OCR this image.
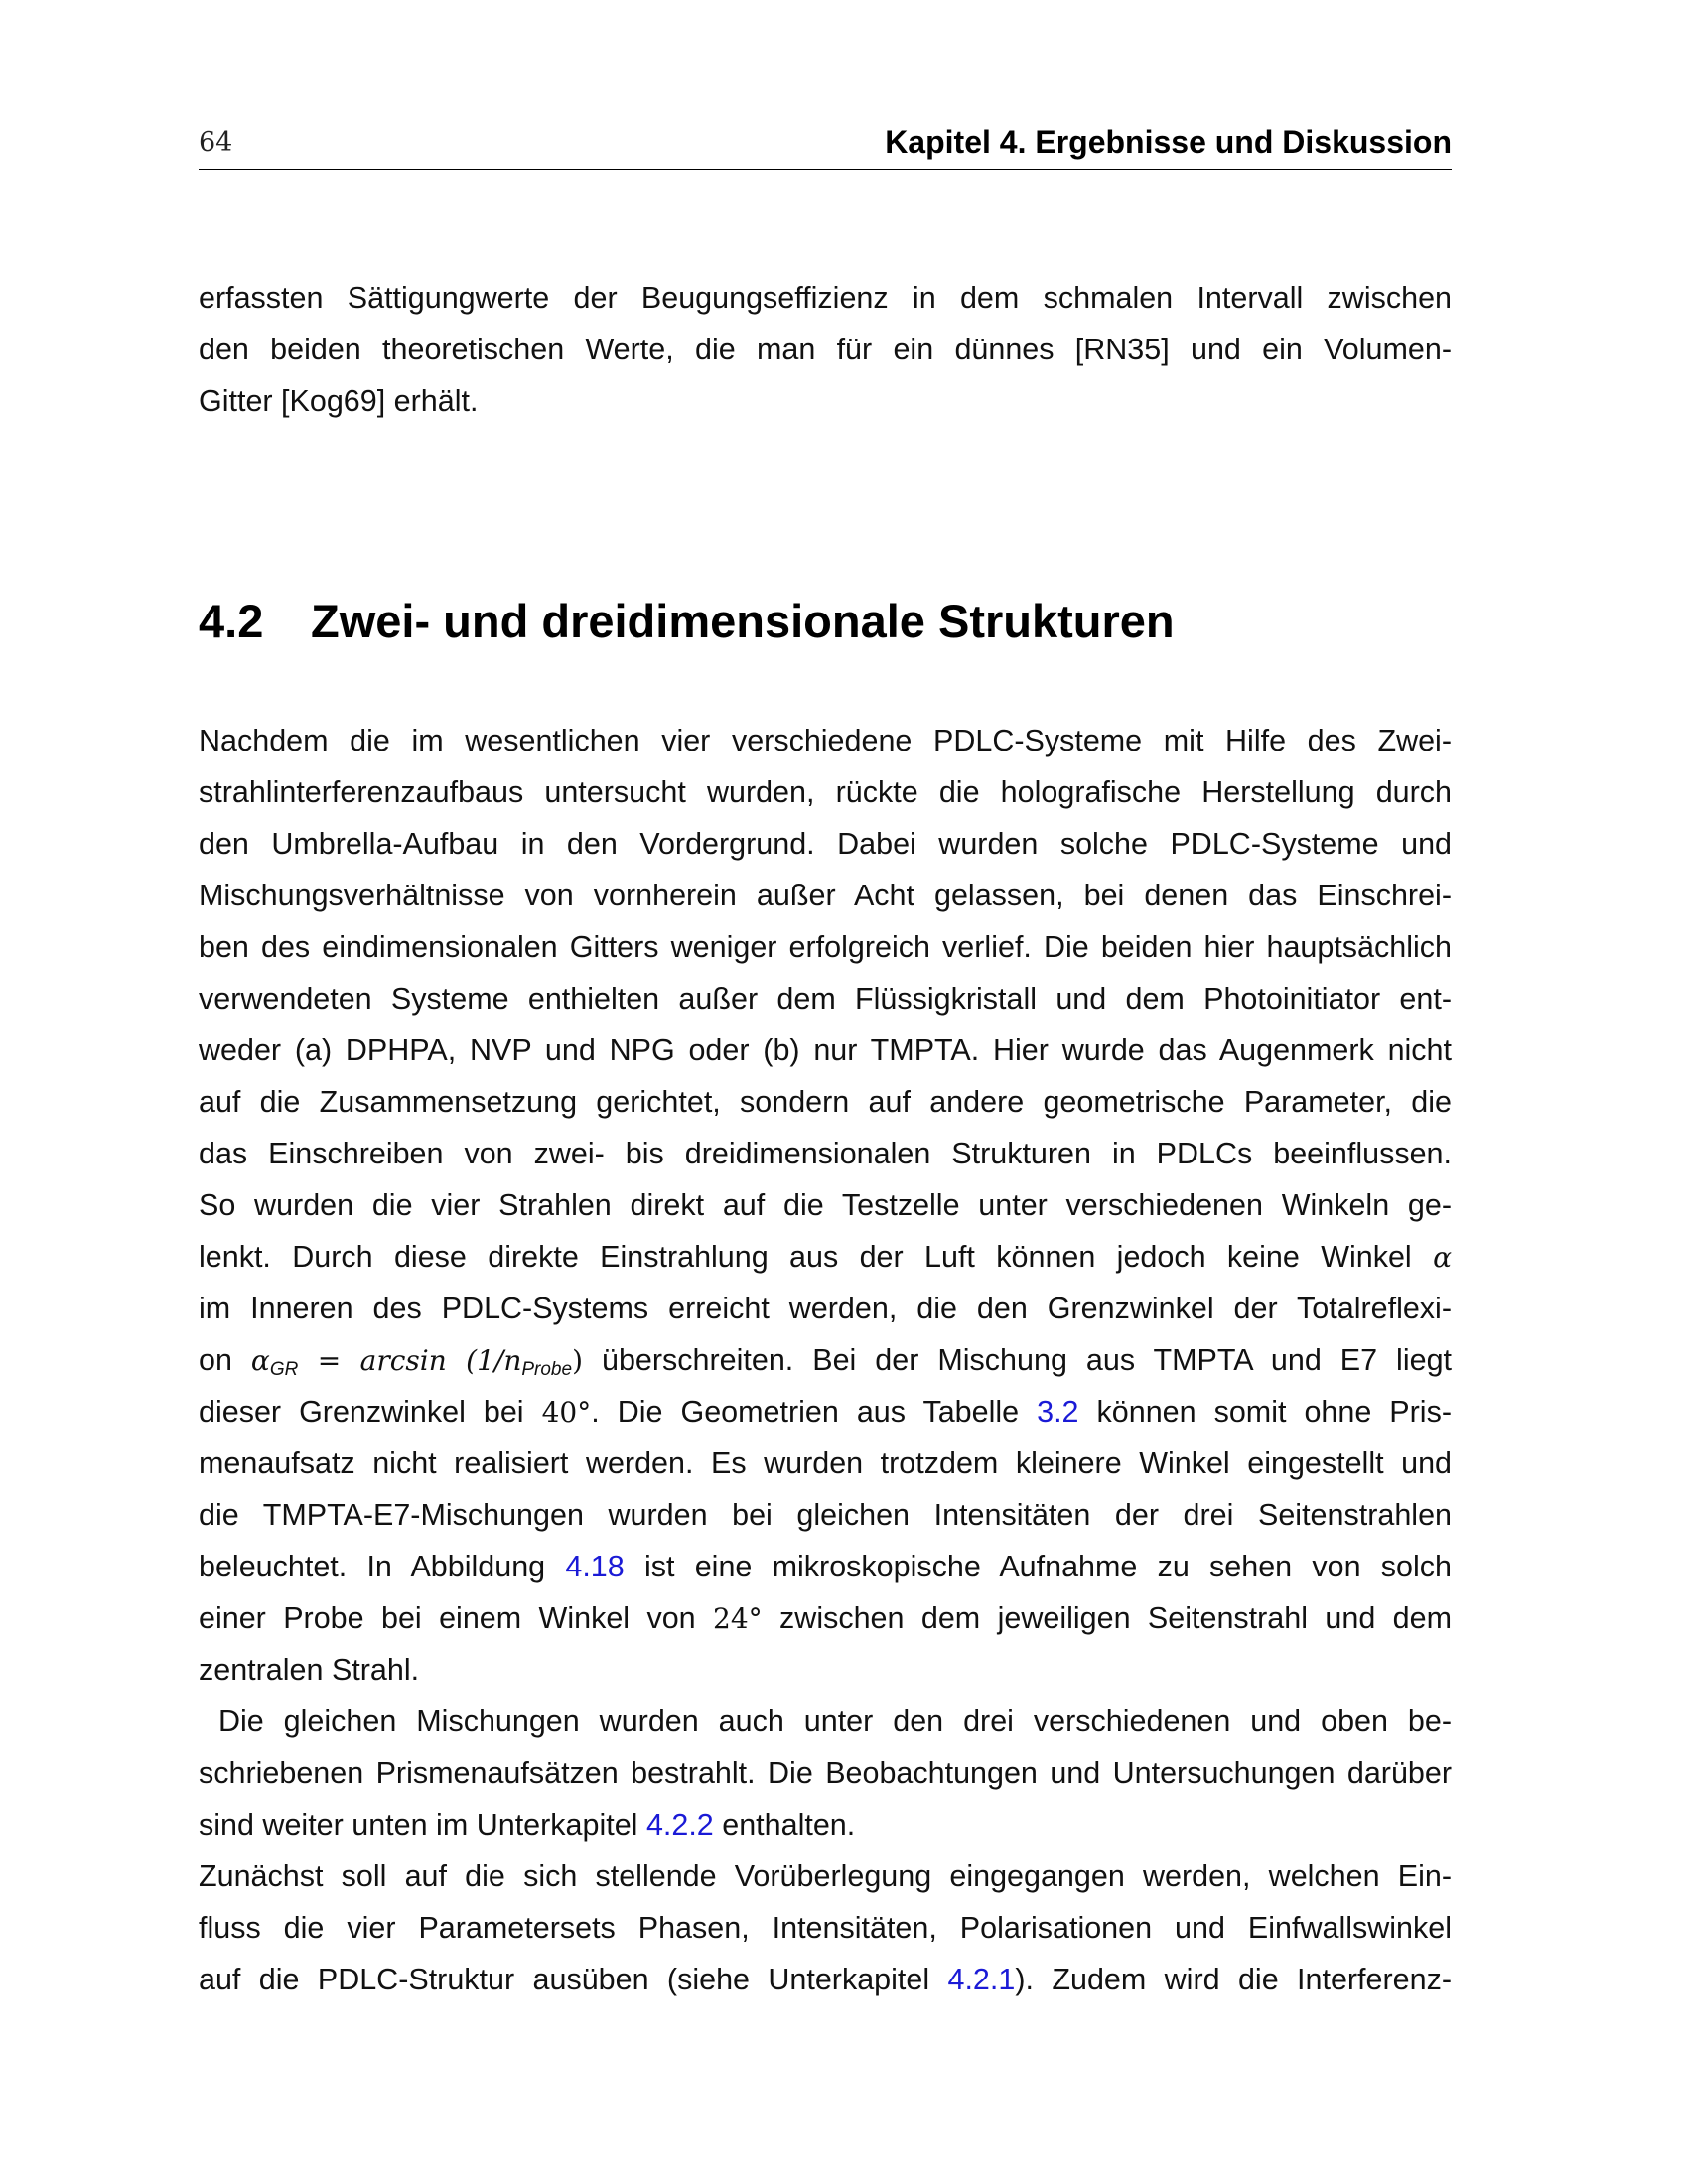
64	Kapitel 4. Ergebnisse und Diskussion
erfassten Sättigungwerte der Beugungseffizienz in dem schmalen Intervall zwischen
den beiden theoretischen Werte, die man für ein dünnes [RN35] und ein Volumen-
Gitter [Kog69] erhält.
4.2 Zwei- und dreidimensionale Strukturen
Nachdem die im wesentlichen vier verschiedene PDLC-Systeme mit Hilfe des Zwei-
strahlinterferenzaufbaus untersucht wurden, rückte die holografische Herstellung durch
den Umbrella-Aufbau in den Vordergrund. Dabei wurden solche PDLC-Systeme und
Mischungsverhältnisse von vornherein außer Acht gelassen, bei denen das Einschrei-
ben des eindimensionalen Gitters weniger erfolgreich verlief. Die beiden hier hauptsächlich
verwendeten Systeme enthielten außer dem Flüssigkristall und dem Photoinitiator ent-
weder (a) DPHPA, NVP und NPG oder (b) nur TMPTA. Hier wurde das Augenmerk nicht
auf die Zusammensetzung gerichtet, sondern auf andere geometrische Parameter, die
das Einschreiben von zwei- bis dreidimensionalen Strukturen in PDLCs beeinflussen.
So wurden die vier Strahlen direkt auf die Testzelle unter verschiedenen Winkeln ge-
lenkt. Durch diese direkte Einstrahlung aus der Luft können jedoch keine Winkel α
im Inneren des PDLC-Systems erreicht werden, die den Grenzwinkel der Totalreflexi-
on $\alpha_{GR} = \arcsin (1/n_{Probe})$ überschreiten. Bei der Mischung aus TMPTA und E7 liegt
dieser Grenzwinkel bei 40°. Die Geometrien aus Tabelle 3.2 können somit ohne Pris-
menaufsatz nicht realisiert werden. Es wurden trotzdem kleinere Winkel eingestellt und
die TMPTA-E7-Mischungen wurden bei gleichen Intensitäten der drei Seitenstrahlen
beleuchtet. In Abbildung 4.18 ist eine mikroskopische Aufnahme zu sehen von solch
einer Probe bei einem Winkel von 24° zwischen dem jeweiligen Seitenstrahl und dem
zentralen Strahl.
Die gleichen Mischungen wurden auch unter den drei verschiedenen und oben be-
schriebenen Prismenaufsätzen bestrahlt. Die Beobachtungen und Untersuchungen darüber
sind weiter unten im Unterkapitel 4.2.2 enthalten.
Zunächst soll auf die sich stellende Vorüberlegung eingegangen werden, welchen Ein-
fluss die vier Parametersets Phasen, Intensitäten, Polarisationen und Einfwallswinkel
auf die PDLC-Struktur ausüben (siehe Unterkapitel 4.2.1). Zudem wird die Interferenz-
